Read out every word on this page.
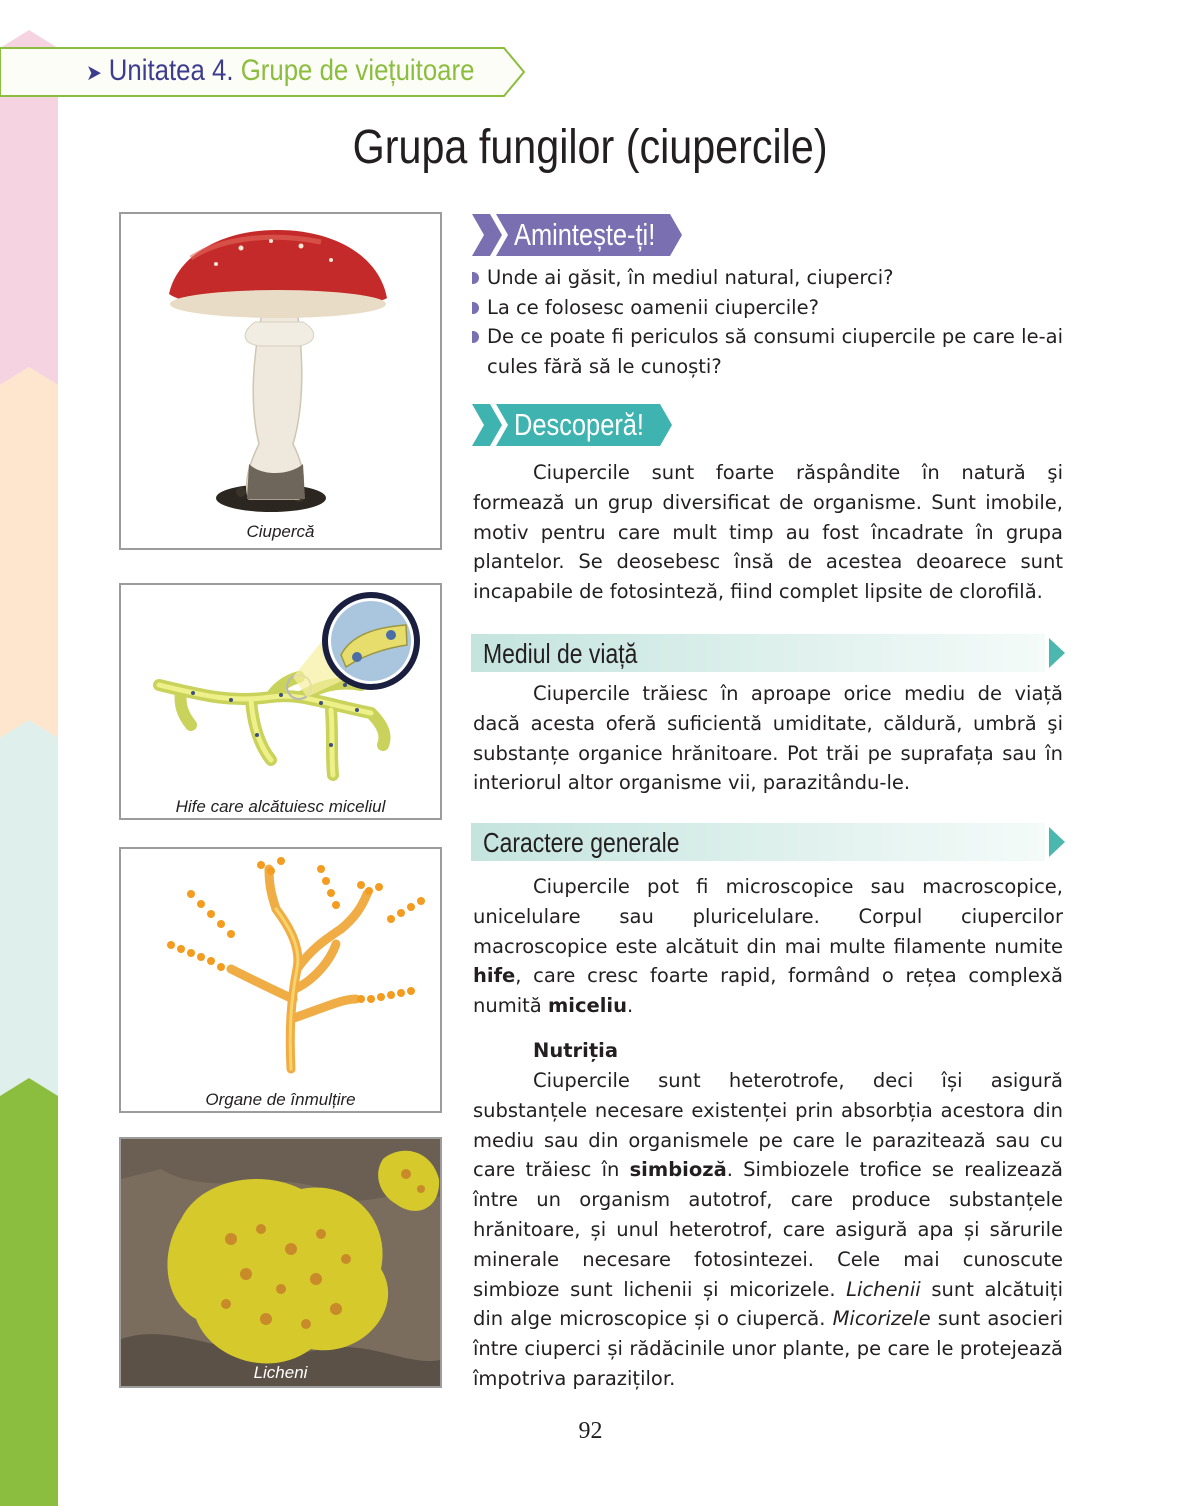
➤ Unitatea 4. Grupe de viețuitoare
Grupa fungilor (ciupercile)
Ciupercă
Hife care alcătuiesc miceliul
Organe de înmulțire
Licheni
Amintește-ți!
Unde ai găsit, în mediul natural, ciuperci?
La ce folosesc oamenii ciupercile?
De ce poate fi periculos să consumi ciupercile pe care le-ai cules fără să le cunoști?
Descoperă!
Ciupercile sunt foarte răspândite în natură şi formează un grup diversificat de organisme. Sunt imobile, motiv pentru care mult timp au fost încadrate în grupa plantelor. Se deosebesc însă de acestea deoarece sunt incapabile de fotosinteză, fiind complet lipsite de clorofilă.
Mediul de viață
Ciupercile trăiesc în aproape orice mediu de viață dacă acesta oferă suficientă umiditate, căldură, umbră şi substanțe organice hrănitoare. Pot trăi pe suprafața sau în interiorul altor organisme vii, parazitându-le.
Caractere generale
Ciupercile pot fi microscopice sau macroscopice, unicelulare sau pluricelulare. Corpul ciupercilor macroscopice este alcătuit din mai multe filamente numite hife, care cresc foarte rapid, formând o rețea complexă numită miceliu.
Nutriția
Ciupercile sunt heterotrofe, deci își asigură substanțele necesare existenței prin absorbția acestora din mediu sau din organismele pe care le parazitează sau cu care trăiesc în simbioză. Simbiozele trofice se realizează între un organism autotrof, care produce substanțele hrănitoare, și unul heterotrof, care asigură apa și sărurile minerale necesare fotosintezei. Cele mai cunoscute simbioze sunt lichenii și micorizele. Lichenii sunt alcătuiți din alge microscopice și o ciupercă. Micorizele sunt asocieri între ciuperci și rădăcinile unor plante, pe care le protejează împotriva paraziților.
92
